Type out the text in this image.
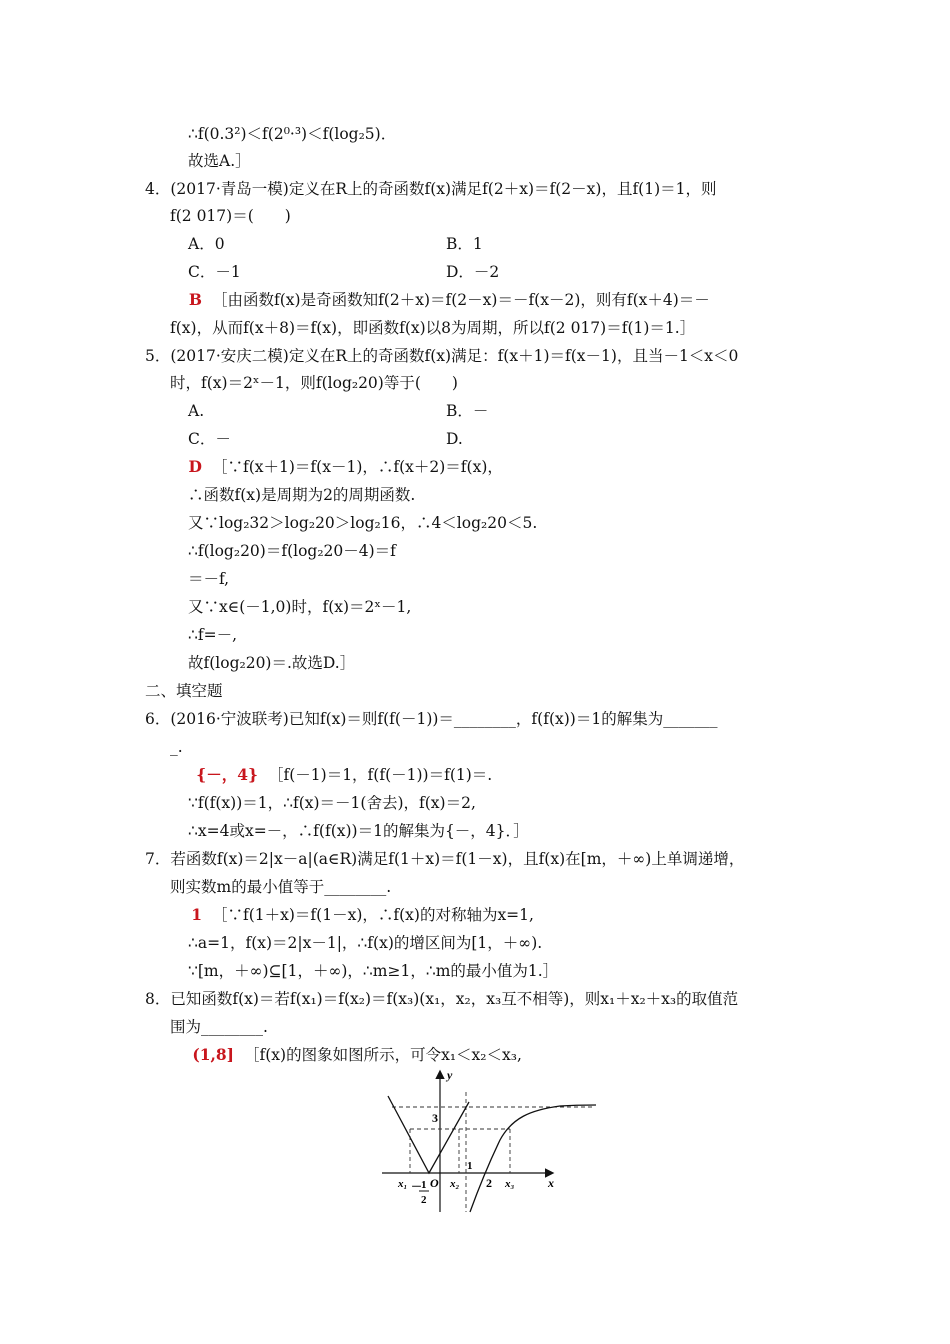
∴f(0.3²)＜f(2⁰·³)＜f(log₂5)．
故选A.］
4．(2017·青岛一模)定义在R上的奇函数f(x)满足f(2＋x)＝f(2－x)，且f(1)＝1，则
f(2 017)＝(　　)
A．0	B．1
C．－1	D．－2
B ［由函数f(x)是奇函数知f(2＋x)＝f(2－x)＝－f(x－2)，则有f(x＋4)＝－
f(x)，从而f(x＋8)＝f(x)，即函数f(x)以8为周期，所以f(2 017)＝f(1)＝1.］
5．(2017·安庆二模)定义在R上的奇函数f(x)满足：f(x＋1)＝f(x－1)，且当－1＜x＜0
时，f(x)＝2ˣ－1，则f(log₂20)等于(　　)
A.	B．－
C．－	D.
D ［∵f(x＋1)＝f(x－1)，∴f(x＋2)＝f(x)，
∴函数f(x)是周期为2的周期函数.
又∵log₂32＞log₂20＞log₂16，∴4＜log₂20＜5.
∴f(log₂20)＝f(log₂20－4)＝f
＝－f,
又∵x∈(－1,0)时，f(x)＝2ˣ－1,
∴f=－,
故f(log₂20)＝.故选D.］
二、填空题
6．(2016·宁波联考)已知f(x)＝则f(f(－1))＝________，f(f(x))＝1的解集为_______
_.
{－，4} ［f(－1)＝1，f(f(－1))＝f(1)＝.
∵f(f(x))＝1，∴f(x)＝－1(舍去)，f(x)＝2,
∴x=4或x=－，∴f(f(x))＝1的解集为{－，4}．］
7．若函数f(x)＝2|x－a|(a∈R)满足f(1＋x)＝f(1－x)，且f(x)在[m，＋∞)上单调递增，
则实数m的最小值等于________.
1 ［∵f(1＋x)＝f(1－x)，∴f(x)的对称轴为x=1,
∴a=1，f(x)＝2|x－1|，∴f(x)的增区间为[1，＋∞).
∵[m，＋∞)⊆[1，＋∞)，∴m≥1，∴m的最小值为1.］
8．已知函数f(x)＝若f(x₁)＝f(x₂)＝f(x₃)(x₁，x₂，x₃互不相等)，则x₁＋x₂＋x₃的取值范
围为________.
(1,8] ［f(x)的图象如图所示，可令x₁＜x₂＜x₃,
y
x
3
1
2
O
x₁	x₂	x₃
－ 1
2
